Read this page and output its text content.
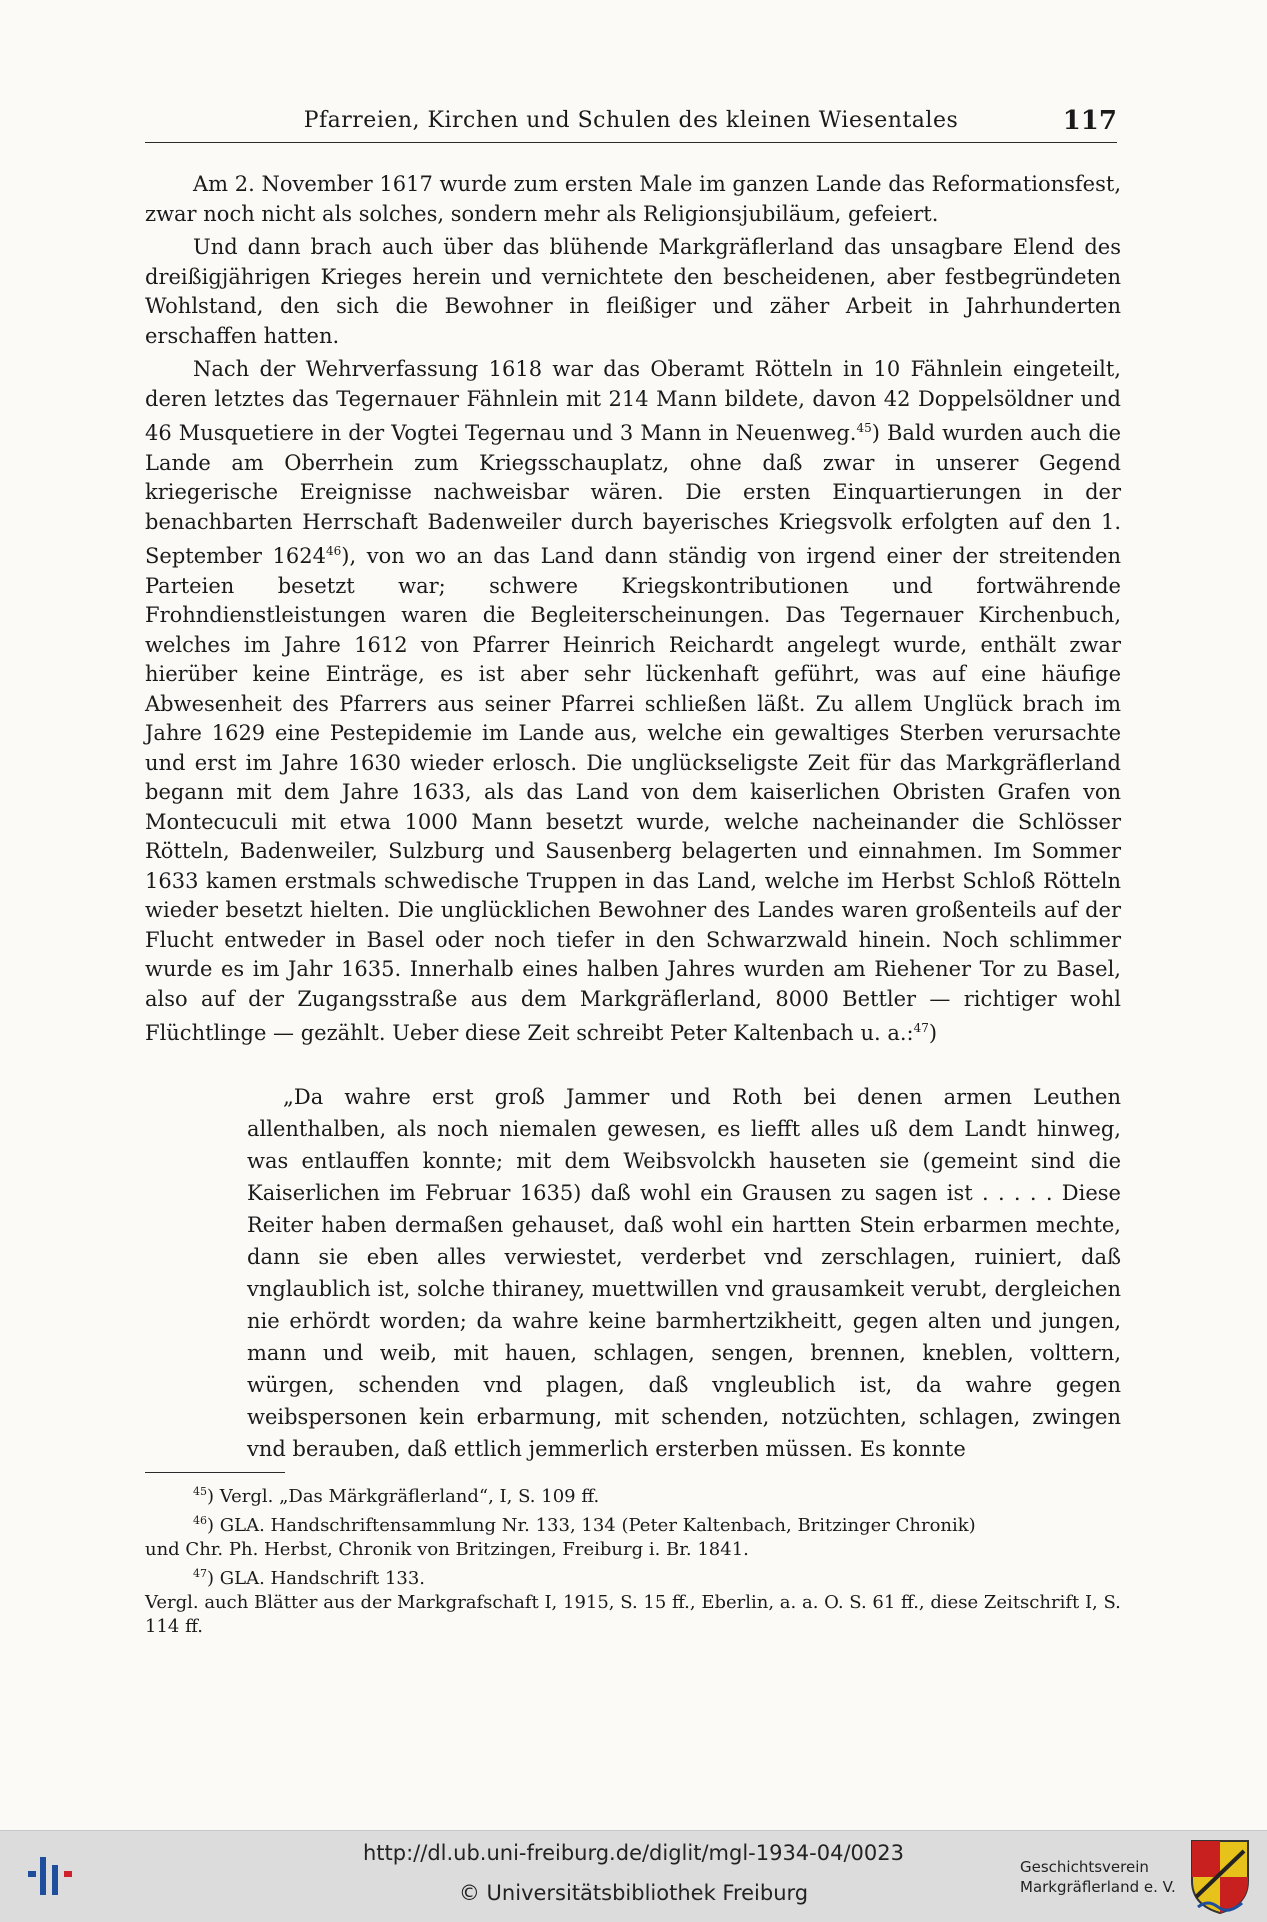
Pfarreien, Kirchen und Schulen des kleinen Wiesentales	117

Am 2. November 1617 wurde zum ersten Male im ganzen Lande das Reformationsfest, zwar noch nicht als solches, sondern mehr als Religionsjubiläum, gefeiert.

Und dann brach auch über das blühende Markgräflerland das unsagbare Elend des dreißigjährigen Krieges herein und vernichtete den bescheidenen, aber festbegründeten Wohlstand, den sich die Bewohner in fleißiger und zäher Arbeit in Jahrhunderten erschaffen hatten.

Nach der Wehrverfassung 1618 war das Oberamt Rötteln in 10 Fähnlein eingeteilt, deren letztes das Tegernauer Fähnlein mit 214 Mann bildete, davon 42 Doppelsöldner und 46 Musquetiere in der Vogtei Tegernau und 3 Mann in Neuenweg.$^{45}$) Bald wurden auch die Lande am Oberrhein zum Kriegsschauplatz, ohne daß zwar in unserer Gegend kriegerische Ereignisse nachweisbar wären. Die ersten Einquartierungen in der benachbarten Herrschaft Badenweiler durch bayerisches Kriegsvolk erfolgten auf den 1. September 1624$^{46}$), von wo an das Land dann ständig von irgend einer der streitenden Parteien besetzt war; schwere Kriegskontributionen und fortwährende Frohndienstleistungen waren die Begleiterscheinungen. Das Tegernauer Kirchenbuch, welches im Jahre 1612 von Pfarrer Heinrich Reichardt angelegt wurde, enthält zwar hierüber keine Einträge, es ist aber sehr lückenhaft geführt, was auf eine häufige Abwesenheit des Pfarrers aus seiner Pfarrei schließen läßt. Zu allem Unglück brach im Jahre 1629 eine Pestepidemie im Lande aus, welche ein gewaltiges Sterben verursachte und erst im Jahre 1630 wieder erlosch. Die unglückseligste Zeit für das Markgräflerland begann mit dem Jahre 1633, als das Land von dem kaiserlichen Obristen Grafen von Montecuculi mit etwa 1000 Mann besetzt wurde, welche nacheinander die Schlösser Rötteln, Badenweiler, Sulzburg und Sausenberg belagerten und einnahmen. Im Sommer 1633 kamen erstmals schwedische Truppen in das Land, welche im Herbst Schloß Rötteln wieder besetzt hielten. Die unglücklichen Bewohner des Landes waren großenteils auf der Flucht entweder in Basel oder noch tiefer in den Schwarzwald hinein. Noch schlimmer wurde es im Jahr 1635. Innerhalb eines halben Jahres wurden am Riehener Tor zu Basel, also auf der Zugangsstraße aus dem Markgräflerland, 8000 Bettler — richtiger wohl Flüchtlinge — gezählt. Ueber diese Zeit schreibt Peter Kaltenbach u. a.:$^{47}$)

„Da wahre erst groß Jammer und Roth bei denen armen Leuthen allenthalben, als noch niemalen gewesen, es liefft alles uß dem Landt hinweg, was entlauffen konnte; mit dem Weibsvolckh hauseten sie (gemeint sind die Kaiserlichen im Februar 1635) daß wohl ein Grausen zu sagen ist . . . . . Diese Reiter haben dermaßen gehauset, daß wohl ein hartten Stein erbarmen mechte, dann sie eben alles verwiestet, verderbet vnd zerschlagen, ruiniert, daß vnglaublich ist, solche thiraney, muettwillen vnd grausamkeit verubt, dergleichen nie erhördt worden; da wahre keine barmhertzikheitt, gegen alten und jungen, mann und weib, mit hauen, schlagen, sengen, brennen, kneblen, volttern, würgen, schenden vnd plagen, daß vngleublich ist, da wahre gegen weibspersonen kein erbarmung, mit schenden, notzüchten, schlagen, zwingen vnd berauben, daß ettlich jemmerlich ersterben müssen. Es konnte

$^{45}$) Vergl. „Das Märkgräflerland“, I, S. 109 ff.

$^{46}$) GLA. Handschriftensammlung Nr. 133, 134 (Peter Kaltenbach, Britzinger Chronik)

und Chr. Ph. Herbst, Chronik von Britzingen, Freiburg i. Br. 1841.

$^{47}$) GLA. Handschrift 133.

Vergl. auch Blätter aus der Markgrafschaft I, 1915, S. 15 ff., Eberlin, a. a. O. S. 61 ff., diese Zeitschrift I, S. 114 ff.

http://dl.ub.uni-freiburg.de/diglit/mgl-1934-04/0023
© Universitätsbibliothek Freiburg
Geschichtsverein
Markgräflerland e. V.
